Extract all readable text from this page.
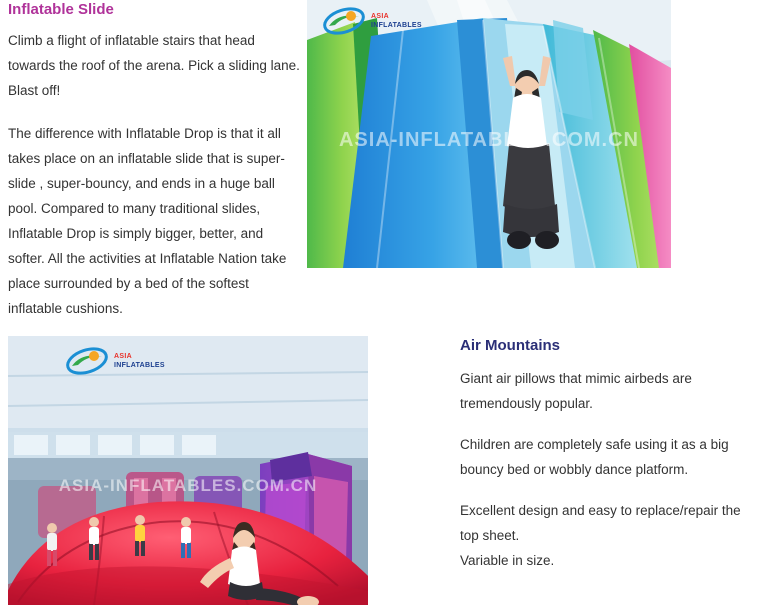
Inflatable Slide

Climb a flight of inflatable stairs that head towards the roof of the arena. Pick a sliding lane. Blast off!

The difference with Inflatable Drop is that it all takes place on an inflatable slide that is super-slide , super-bouncy, and ends in a huge ball pool. Compared to many traditional slides, Inflatable Drop is simply bigger, better, and softer. All the activities at Inflatable Nation take place surrounded by a bed of the softest inflatable cushions.

ASIA
INFLATABLES
ASIA-INFLATABLES.COM.CN
ASIA
INFLATABLES
ASIA-INFLATABLES.COM.CN
Air Mountains

Giant air pillows that mimic airbeds are tremendously popular.

Children are completely safe using it as a big bouncy bed or wobbly dance platform.

Excellent design and easy to replace/repair the top sheet.

Variable in size.
